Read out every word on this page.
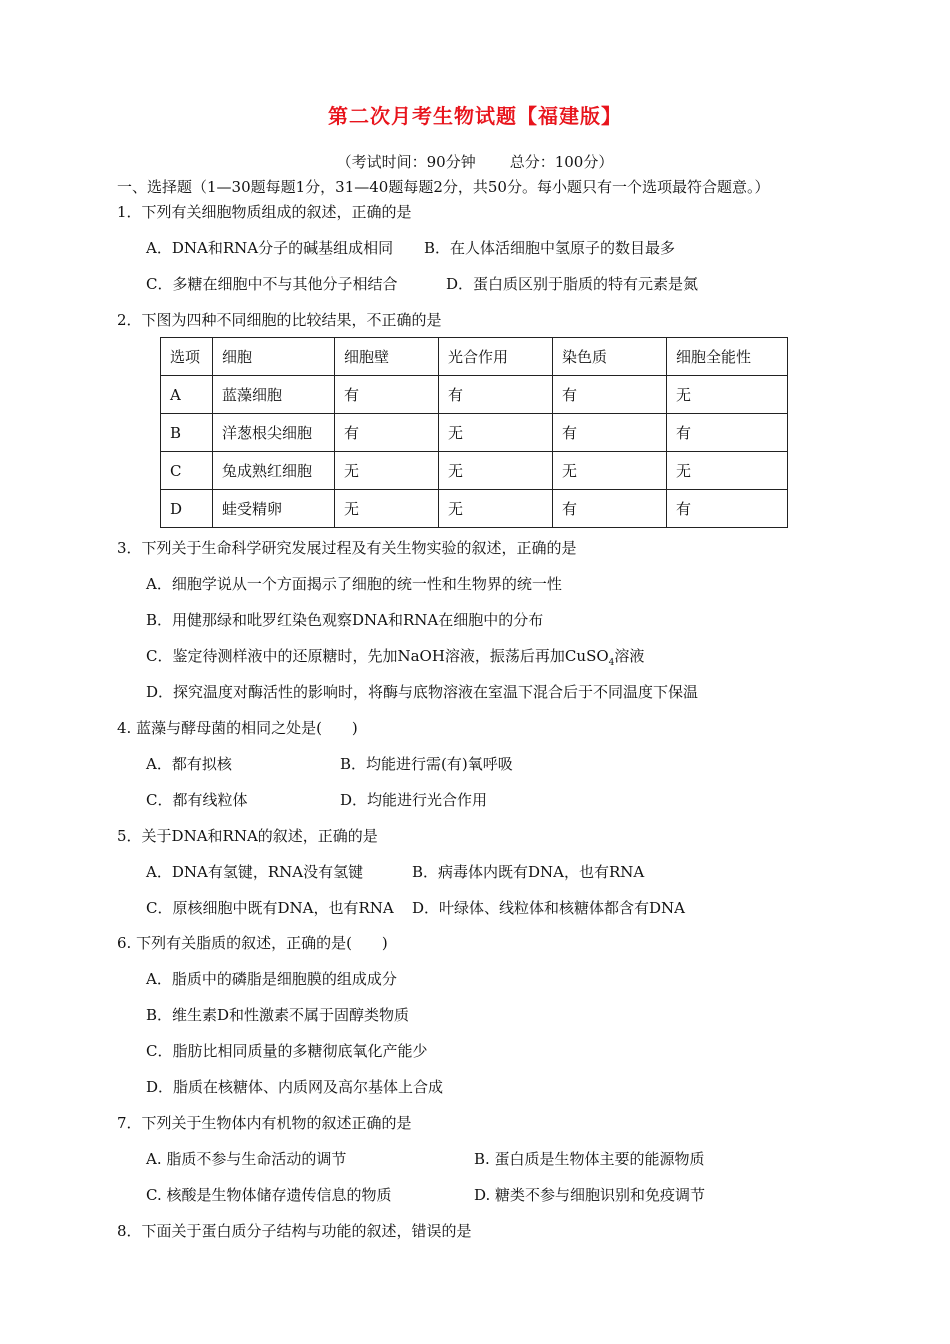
第二次月考生物试题【福建版】
（考试时间：90分钟 总分：100分）
一、选择题（1—30题每题1分，31—40题每题2分，共50分。每小题只有一个选项最符合题意。）
1．下列有关细胞物质组成的叙述，正确的是
A．DNA和RNA分子的碱基组成相同 B．在人体活细胞中氢原子的数目最多
C．多糖在细胞中不与其他分子相结合	D．蛋白质区别于脂质的特有元素是氮
2．下图为四种不同细胞的比较结果，不正确的是
选项	细胞	细胞壁	光合作用	染色质	细胞全能性
A	蓝藻细胞	有	有	有	无
B	洋葱根尖细胞	有	无	有	有
C	兔成熟红细胞	无	无	无	无
D	蛙受精卵	无	无	有	有
3．下列关于生命科学研究发展过程及有关生物实验的叙述，正确的是
A．细胞学说从一个方面揭示了细胞的统一性和生物界的统一性
B．用健那绿和吡罗红染色观察DNA和RNA在细胞中的分布
C．鉴定待测样液中的还原糖时，先加NaOH溶液，振荡后再加CuSO$_4$溶液
D．探究温度对酶活性的影响时，将酶与底物溶液在室温下混合后于不同温度下保温
4. 蓝藻与酵母菌的相同之处是(　　)
A．都有拟核	B．均能进行需(有)氧呼吸
C．都有线粒体	D．均能进行光合作用
5．关于DNA和RNA的叙述，正确的是
A．DNA有氢键，RNA没有氢键	B．病毒体内既有DNA，也有RNA
C．原核细胞中既有DNA，也有RNA D．叶绿体、线粒体和核糖体都含有DNA
6. 下列有关脂质的叙述，正确的是(　　)
A．脂质中的磷脂是细胞膜的组成成分
B．维生素D和性激素不属于固醇类物质
C．脂肪比相同质量的多糖彻底氧化产能少
D．脂质在核糖体、内质网及高尔基体上合成
7．下列关于生物体内有机物的叙述正确的是
A. 脂质不参与生命活动的调节	B. 蛋白质是生物体主要的能源物质
C. 核酸是生物体储存遗传信息的物质	D. 糖类不参与细胞识别和免疫调节
8．下面关于蛋白质分子结构与功能的叙述，错误的是
